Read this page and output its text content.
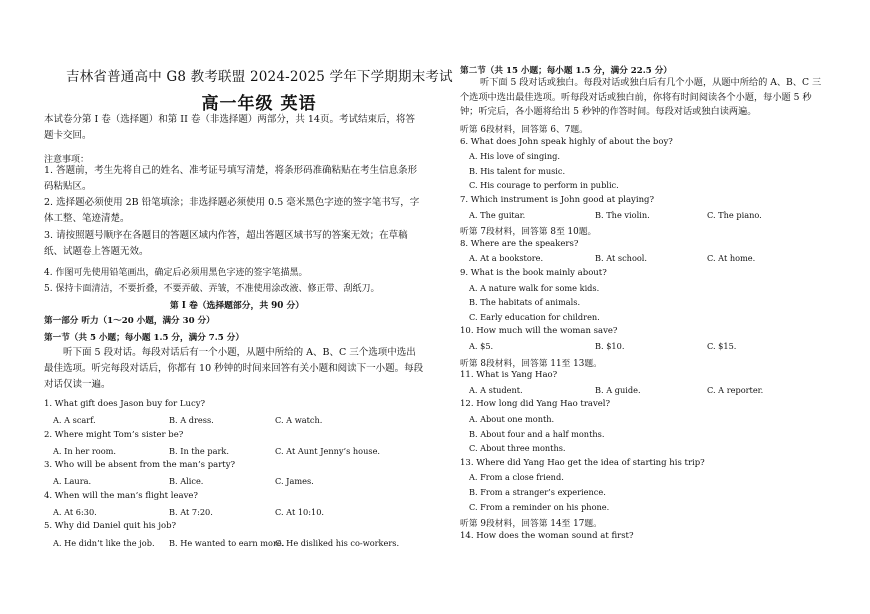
吉林省普通高中 G8 教考联盟 2024-2025 学年下学期期末考试
高一年级 英语
本试卷分第 I 卷（选择题）和第 II 卷（非选择题）两部分，共 14页。考试结束后，将答题卡交回。
注意事项：
1. 答题前，考生先将自己的姓名、准考证号填写清楚，将条形码准确粘贴在考生信息条形码粘贴区。
2. 选择题必须使用 2B 铅笔填涂；非选择题必须使用 0.5 毫米黑色字迹的签字笔书写，字体工整、笔迹清楚。
3. 请按照题号顺序在各题目的答题区域内作答，超出答题区域书写的答案无效；在草稿纸、试题卷上答题无效。
4. 作图可先使用铅笔画出，确定后必须用黑色字迹的签字笔描黑。
5. 保持卡面清洁，不要折叠，不要弄破、弄皱，不准使用涂改液、修正带、刮纸刀。
第 I 卷（选择题部分，共 90 分）
第一部分 听力（1～20 小题，满分 30 分）
第一节（共 5 小题；每小题 1.5 分，满分 7.5 分）
听下面 5 段对话。每段对话后有一个小题，从题中所给的 A、B、C 三个选项中选出最佳选项。听完每段对话后，你都有 10 秒钟的时间来回答有关小题和阅读下一小题。每段对话仅读一遍。
1. What gift does Jason buy for Lucy?
A. A scarf.	B. A dress.	C. A watch.
2. Where might Tom’s sister be?
A. In her room.	B. In the park.	C. At Aunt Jenny’s house.
3. Who will be absent from the man’s party?
A. Laura.	B. Alice.	C. James.
4. When will the man’s flight leave?
A. At 6:30.	B. At 7:20.	C. At 10:10.
5. Why did Daniel quit his job?
A. He didn’t like the job. B. He wanted to earn more.
C. He disliked his co-workers.
第二节（共 15 小题；每小题 1.5 分，满分 22.5 分）
听下面 5 段对话或独白。每段对话或独白后有几个小题，从题中所给的 A、B、C 三个选项中选出最佳选项。听每段对话或独白前，你将有时间阅读各个小题，每小题 5 秒钟；听完后，各小题将给出 5 秒钟的作答时间。每段对话或独白读两遍。
听第 6段材料，回答第 6、7题。
6. What does John speak highly of about the boy?
A. His love of singing.
B. His talent for music.
C. His courage to perform in public.
7. Which instrument is John good at playing?
A. The guitar.	B. The violin.	C. The piano.
听第 7段材料，回答第 8至 10题。
8. Where are the speakers?
A. At a bookstore.	B. At school.	C. At home.
9. What is the book mainly about?
A. A nature walk for some kids.
B. The habitats of animals.
C. Early education for children.
10. How much will the woman save?
A. $5.	B. $10.	C. $15.
听第 8段材料，回答第 11至 13题。
11. What is Yang Hao?
A. A student.	B. A guide.	C. A reporter.
12. How long did Yang Hao travel?
A. About one month.
B. About four and a half months.
C. About three months.
13. Where did Yang Hao get the idea of starting his trip?
A. From a close friend.
B. From a stranger’s experience.
C. From a reminder on his phone.
听第 9段材料，回答第 14至 17题。
14. How does the woman sound at first?
